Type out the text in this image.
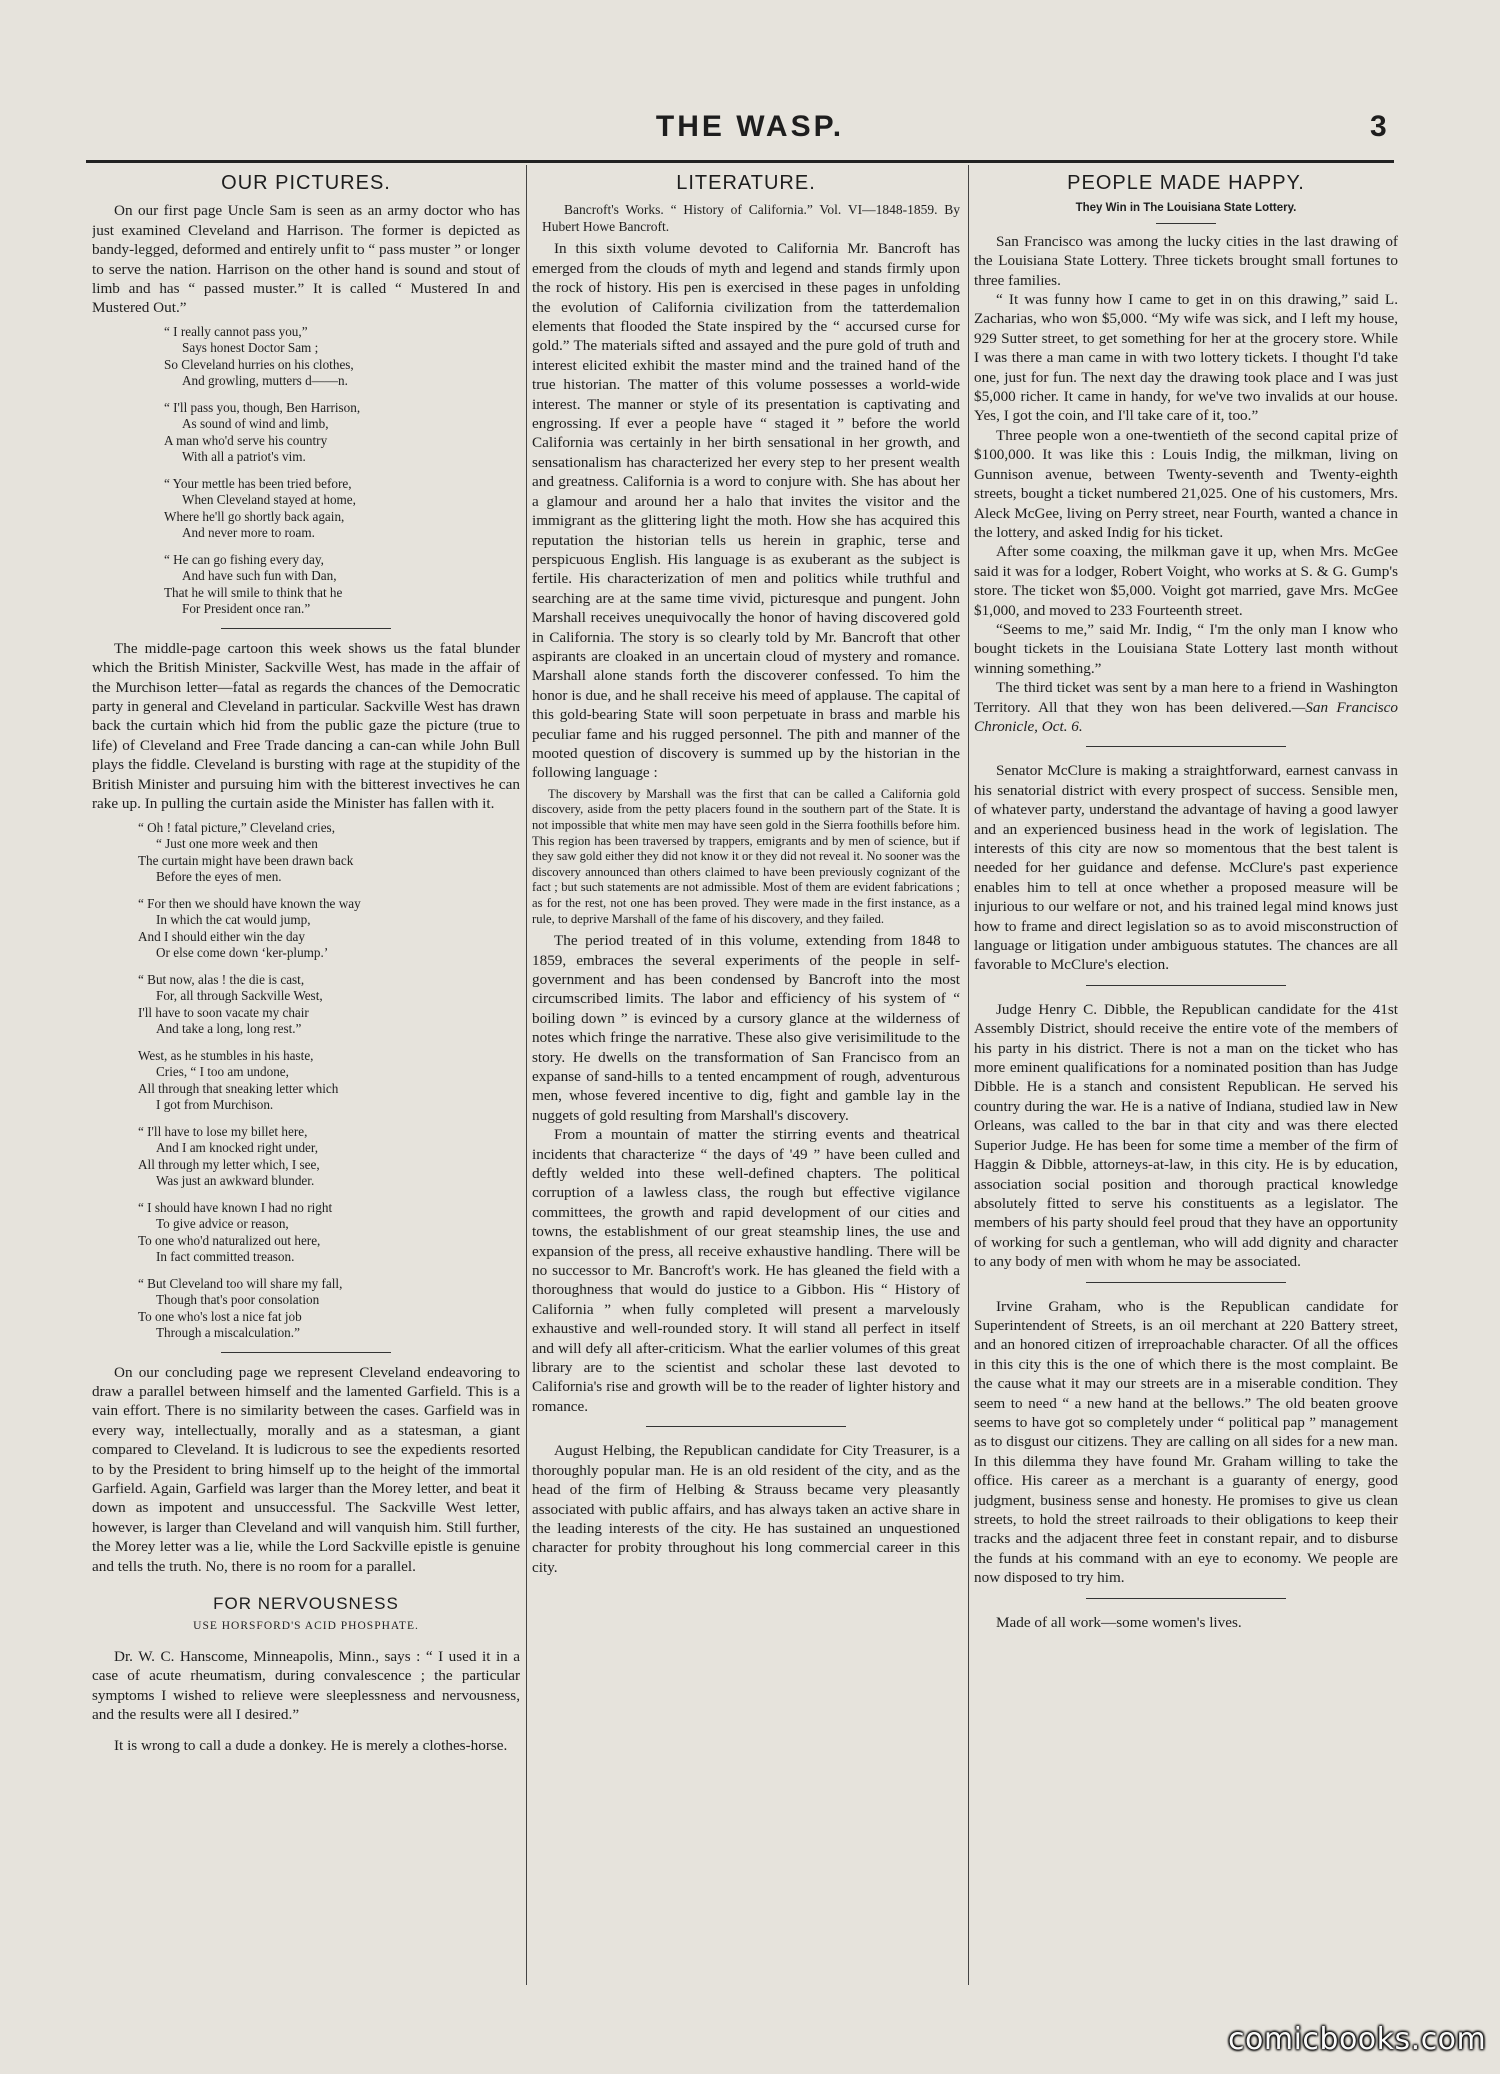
THE WASP.	3
OUR PICTURES.

On our first page Uncle Sam is seen as an army doctor who has just examined Cleveland and Harrison. The former is depicted as bandy-legged, deformed and entirely unfit to “ pass muster ” or longer to serve the nation. Harrison on the other hand is sound and stout of limb and has “ passed muster.” It is called “ Mustered In and Mustered Out.”

“ I really cannot pass you,”
Says honest Doctor Sam ;
So Cleveland hurries on his clothes,
And growling, mutters d——n.
“ I'll pass you, though, Ben Harrison,
As sound of wind and limb,
A man who'd serve his country
With all a patriot's vim.
“ Your mettle has been tried before,
When Cleveland stayed at home,
Where he'll go shortly back again,
And never more to roam.
“ He can go fishing every day,
And have such fun with Dan,
That he will smile to think that he
For President once ran.”

The middle-page cartoon this week shows us the fatal blunder which the British Minister, Sackville West, has made in the affair of the Murchison letter—fatal as regards the chances of the Democratic party in general and Cleveland in particular. Sackville West has drawn back the curtain which hid from the public gaze the picture (true to life) of Cleveland and Free Trade dancing a can-can while John Bull plays the fiddle. Cleveland is bursting with rage at the stupidity of the British Minister and pursuing him with the bitterest invectives he can rake up. In pulling the curtain aside the Minister has fallen with it.

“ Oh ! fatal picture,” Cleveland cries,
“ Just one more week and then
The curtain might have been drawn back
Before the eyes of men.
“ For then we should have known the way
In which the cat would jump,
And I should either win the day
Or else come down ‘ker-plump.’
“ But now, alas ! the die is cast,
For, all through Sackville West,
I'll have to soon vacate my chair
And take a long, long rest.”
West, as he stumbles in his haste,
Cries, “ I too am undone,
All through that sneaking letter which
I got from Murchison.
“ I'll have to lose my billet here,
And I am knocked right under,
All through my letter which, I see,
Was just an awkward blunder.
“ I should have known I had no right
To give advice or reason,
To one who'd naturalized out here,
In fact committed treason.
“ But Cleveland too will share my fall,
Though that's poor consolation
To one who's lost a nice fat job
Through a miscalculation.”

On our concluding page we represent Cleveland endeavoring to draw a parallel between himself and the lamented Garfield. This is a vain effort. There is no similarity between the cases. Garfield was in every way, intellectually, morally and as a statesman, a giant compared to Cleveland. It is ludicrous to see the expedients resorted to by the President to bring himself up to the height of the immortal Garfield. Again, Garfield was larger than the Morey letter, and beat it down as impotent and unsuccessful. The Sackville West letter, however, is larger than Cleveland and will vanquish him. Still further, the Morey letter was a lie, while the Lord Sackville epistle is genuine and tells the truth. No, there is no room for a parallel.

FOR NERVOUSNESS
USE HORSFORD'S ACID PHOSPHATE.

Dr. W. C. Hanscome, Minneapolis, Minn., says : “ I used it in a case of acute rheumatism, during convalescence ; the particular symptoms I wished to relieve were sleeplessness and nervousness, and the results were all I desired.”

It is wrong to call a dude a donkey. He is merely a clothes-horse.

LITERATURE.

Bancroft's Works. “ History of California.” Vol. VI—1848-1859. By Hubert Howe Bancroft.

In this sixth volume devoted to California Mr. Bancroft has emerged from the clouds of myth and legend and stands firmly upon the rock of history. His pen is exercised in these pages in unfolding the evolution of California civilization from the tatterdemalion elements that flooded the State inspired by the “ accursed curse for gold.” The materials sifted and assayed and the pure gold of truth and interest elicited exhibit the master mind and the trained hand of the true historian. The matter of this volume possesses a world-wide interest. The manner or style of its presentation is captivating and engrossing. If ever a people have “ staged it ” before the world California was certainly in her birth sensational in her growth, and sensationalism has characterized her every step to her present wealth and greatness. California is a word to conjure with. She has about her a glamour and around her a halo that invites the visitor and the immigrant as the glittering light the moth. How she has acquired this reputation the historian tells us herein in graphic, terse and perspicuous English. His language is as exuberant as the subject is fertile. His characterization of men and politics while truthful and searching are at the same time vivid, picturesque and pungent. John Marshall receives unequivocally the honor of having discovered gold in California. The story is so clearly told by Mr. Bancroft that other aspirants are cloaked in an uncertain cloud of mystery and romance. Marshall alone stands forth the discoverer confessed. To him the honor is due, and he shall receive his meed of applause. The capital of this gold-bearing State will soon perpetuate in brass and marble his peculiar fame and his rugged personnel. The pith and manner of the mooted question of discovery is summed up by the historian in the following language :

The discovery by Marshall was the first that can be called a California gold discovery, aside from the petty placers found in the southern part of the State. It is not impossible that white men may have seen gold in the Sierra foothills before him. This region has been traversed by trappers, emigrants and by men of science, but if they saw gold either they did not know it or they did not reveal it. No sooner was the discovery announced than others claimed to have been previously cognizant of the fact ; but such statements are not admissible. Most of them are evident fabrications ; as for the rest, not one has been proved. They were made in the first instance, as a rule, to deprive Marshall of the fame of his discovery, and they failed.

The period treated of in this volume, extending from 1848 to 1859, embraces the several experiments of the people in self-government and has been condensed by Bancroft into the most circumscribed limits. The labor and efficiency of his system of “ boiling down ” is evinced by a cursory glance at the wilderness of notes which fringe the narrative. These also give verisimilitude to the story. He dwells on the transformation of San Francisco from an expanse of sand-hills to a tented encampment of rough, adventurous men, whose fevered incentive to dig, fight and gamble lay in the nuggets of gold resulting from Marshall's discovery.

From a mountain of matter the stirring events and theatrical incidents that characterize “ the days of '49 ” have been culled and deftly welded into these well-defined chapters. The political corruption of a lawless class, the rough but effective vigilance committees, the growth and rapid development of our cities and towns, the establishment of our great steamship lines, the use and expansion of the press, all receive exhaustive handling. There will be no successor to Mr. Bancroft's work. He has gleaned the field with a thoroughness that would do justice to a Gibbon. His “ History of California ” when fully completed will present a marvelously exhaustive and well-rounded story. It will stand all perfect in itself and will defy all after-criticism. What the earlier volumes of this great library are to the scientist and scholar these last devoted to California's rise and growth will be to the reader of lighter history and romance.

August Helbing, the Republican candidate for City Treasurer, is a thoroughly popular man. He is an old resident of the city, and as the head of the firm of Helbing & Strauss became very pleasantly associated with public affairs, and has always taken an active share in the leading interests of the city. He has sustained an unquestioned character for probity throughout his long commercial career in this city.

PEOPLE MADE HAPPY.
They Win in The Louisiana State Lottery.

San Francisco was among the lucky cities in the last drawing of the Louisiana State Lottery. Three tickets brought small fortunes to three families.

“ It was funny how I came to get in on this drawing,” said L. Zacharias, who won $5,000. “My wife was sick, and I left my house, 929 Sutter street, to get something for her at the grocery store. While I was there a man came in with two lottery tickets. I thought I'd take one, just for fun. The next day the drawing took place and I was just $5,000 richer. It came in handy, for we've two invalids at our house. Yes, I got the coin, and I'll take care of it, too.”

Three people won a one-twentieth of the second capital prize of $100,000. It was like this : Louis Indig, the milkman, living on Gunnison avenue, between Twenty-seventh and Twenty-eighth streets, bought a ticket numbered 21,025. One of his customers, Mrs. Aleck McGee, living on Perry street, near Fourth, wanted a chance in the lottery, and asked Indig for his ticket.

After some coaxing, the milkman gave it up, when Mrs. McGee said it was for a lodger, Robert Voight, who works at S. & G. Gump's store. The ticket won $5,000. Voight got married, gave Mrs. McGee $1,000, and moved to 233 Fourteenth street.

“Seems to me,” said Mr. Indig, “ I'm the only man I know who bought tickets in the Louisiana State Lottery last month without winning something.”

The third ticket was sent by a man here to a friend in Washington Territory. All that they won has been delivered.—San Francisco Chronicle, Oct. 6.

Senator McClure is making a straightforward, earnest canvass in his senatorial district with every prospect of success. Sensible men, of whatever party, understand the advantage of having a good lawyer and an experienced business head in the work of legislation. The interests of this city are now so momentous that the best talent is needed for her guidance and defense. McClure's past experience enables him to tell at once whether a proposed measure will be injurious to our welfare or not, and his trained legal mind knows just how to frame and direct legislation so as to avoid misconstruction of language or litigation under ambiguous statutes. The chances are all favorable to McClure's election.

Judge Henry C. Dibble, the Republican candidate for the 41st Assembly District, should receive the entire vote of the members of his party in his district. There is not a man on the ticket who has more eminent qualifications for a nominated position than has Judge Dibble. He is a stanch and consistent Republican. He served his country during the war. He is a native of Indiana, studied law in New Orleans, was called to the bar in that city and was there elected Superior Judge. He has been for some time a member of the firm of Haggin & Dibble, attorneys-at-law, in this city. He is by education, association social position and thorough practical knowledge absolutely fitted to serve his constituents as a legislator. The members of his party should feel proud that they have an opportunity of working for such a gentleman, who will add dignity and character to any body of men with whom he may be associated.

Irvine Graham, who is the Republican candidate for Superintendent of Streets, is an oil merchant at 220 Battery street, and an honored citizen of irreproachable character. Of all the offices in this city this is the one of which there is the most complaint. Be the cause what it may our streets are in a miserable condition. They seem to need “ a new hand at the bellows.” The old beaten groove seems to have got so completely under “ political pap ” management as to disgust our citizens. They are calling on all sides for a new man. In this dilemma they have found Mr. Graham willing to take the office. His career as a merchant is a guaranty of energy, good judgment, business sense and honesty. He promises to give us clean streets, to hold the street railroads to their obligations to keep their tracks and the adjacent three feet in constant repair, and to disburse the funds at his command with an eye to economy. We people are now disposed to try him.

Made of all work—some women's lives.

comicbooks.com
